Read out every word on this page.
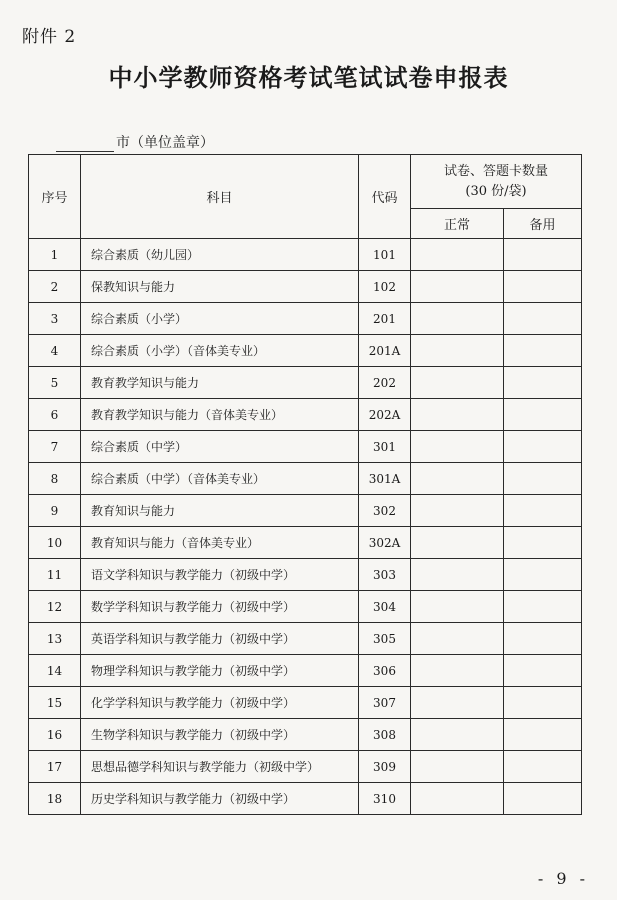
附件 2
中小学教师资格考试笔试试卷申报表
市（单位盖章）
序号	科目	代码	试卷、答题卡数量
(30 份/袋)	

			正常	备用
1	综合素质（幼儿园）	101		
2	保教知识与能力	102		
3	综合素质（小学）	201		
4	综合素质（小学）（音体美专业）	201A		
5	教育教学知识与能力	202		
6	教育教学知识与能力（音体美专业）	202A		
7	综合素质（中学）	301		
8	综合素质（中学）（音体美专业）	301A		
9	教育知识与能力	302		
10	教育知识与能力（音体美专业）	302A		
11	语文学科知识与教学能力（初级中学）	303		
12	数学学科知识与教学能力（初级中学）	304		
13	英语学科知识与教学能力（初级中学）	305		
14	物理学科知识与教学能力（初级中学）	306		
15	化学学科知识与教学能力（初级中学）	307		
16	生物学科知识与教学能力（初级中学）	308		
17	思想品德学科知识与教学能力（初级中学）	309		
18	历史学科知识与教学能力（初级中学）	310		
- 9 -
